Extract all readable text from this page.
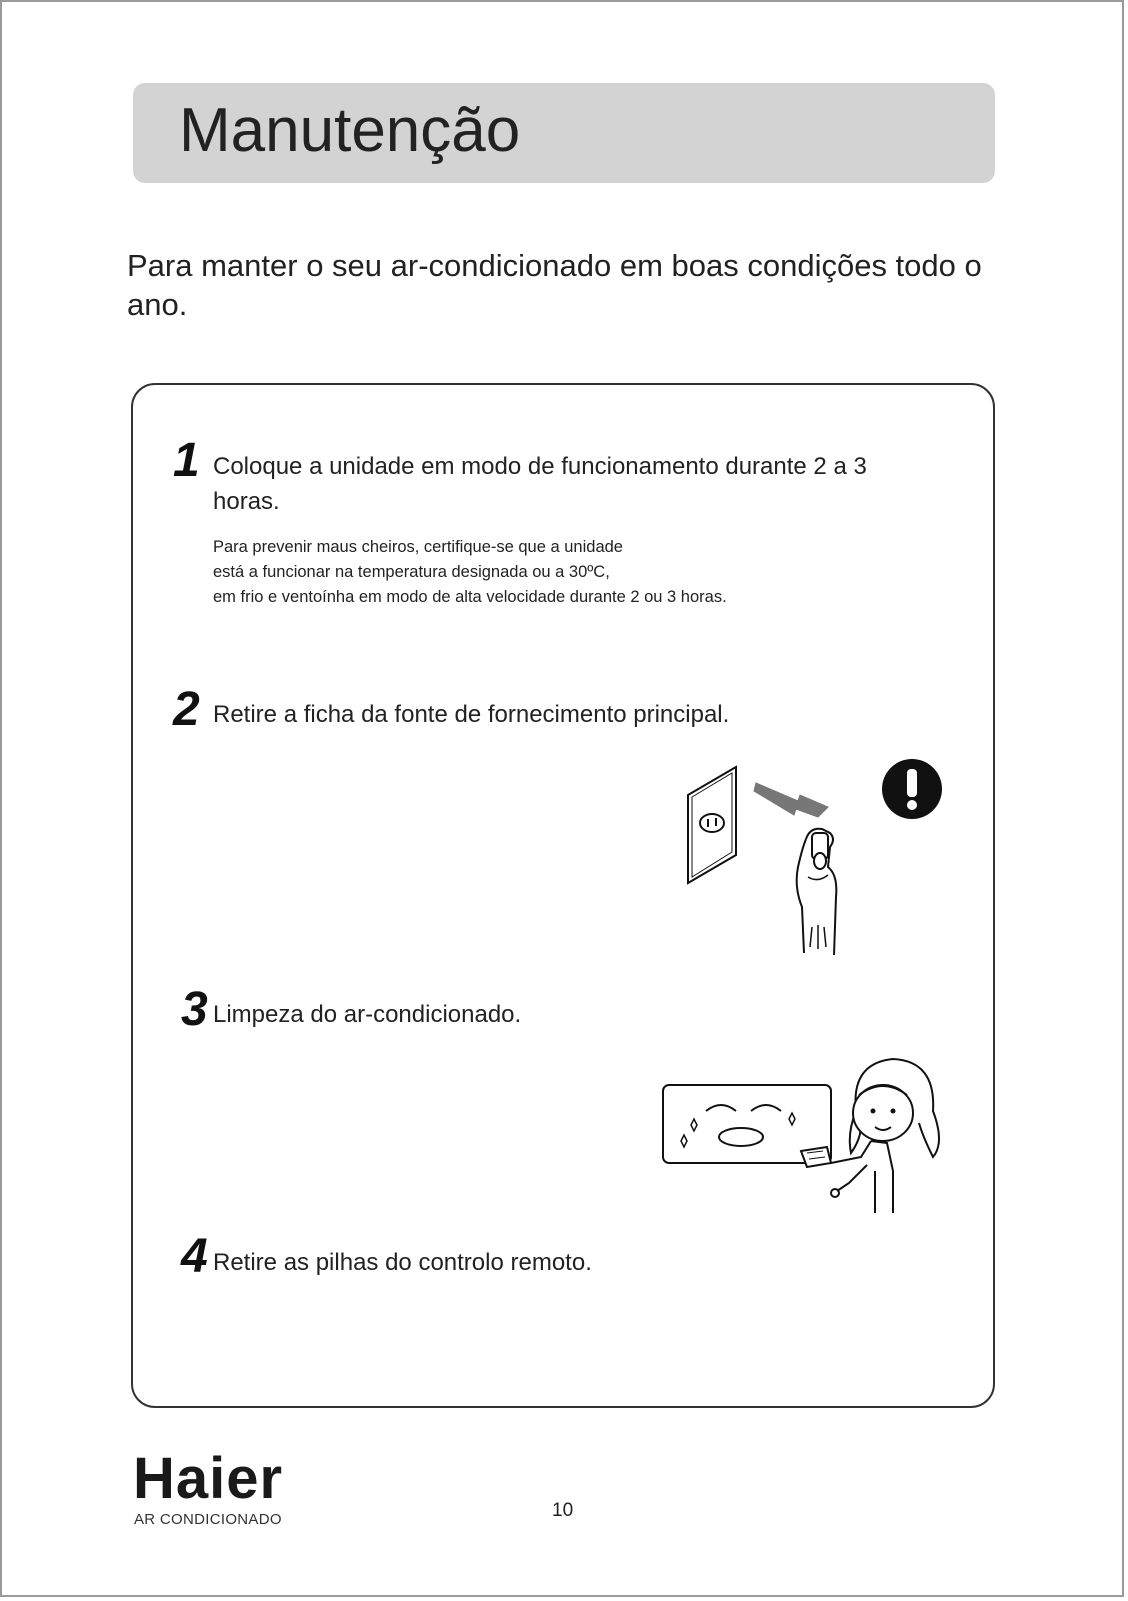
Manutenção
Para manter o seu ar-condicionado em boas condições todo o ano.
1 Coloque a unidade em modo de funcionamento durante 2 a 3 horas.
Para prevenir maus cheiros, certifique-se que a unidade
está a funcionar na temperatura designada ou a 30ºC,
em frio e ventoínha em modo de alta velocidade durante 2 ou 3 horas.
2 Retire a ficha da fonte de fornecimento principal.
3 Limpeza do ar-condicionado.
4 Retire as pilhas do controlo remoto.
Haier
AR CONDICIONADO	10
